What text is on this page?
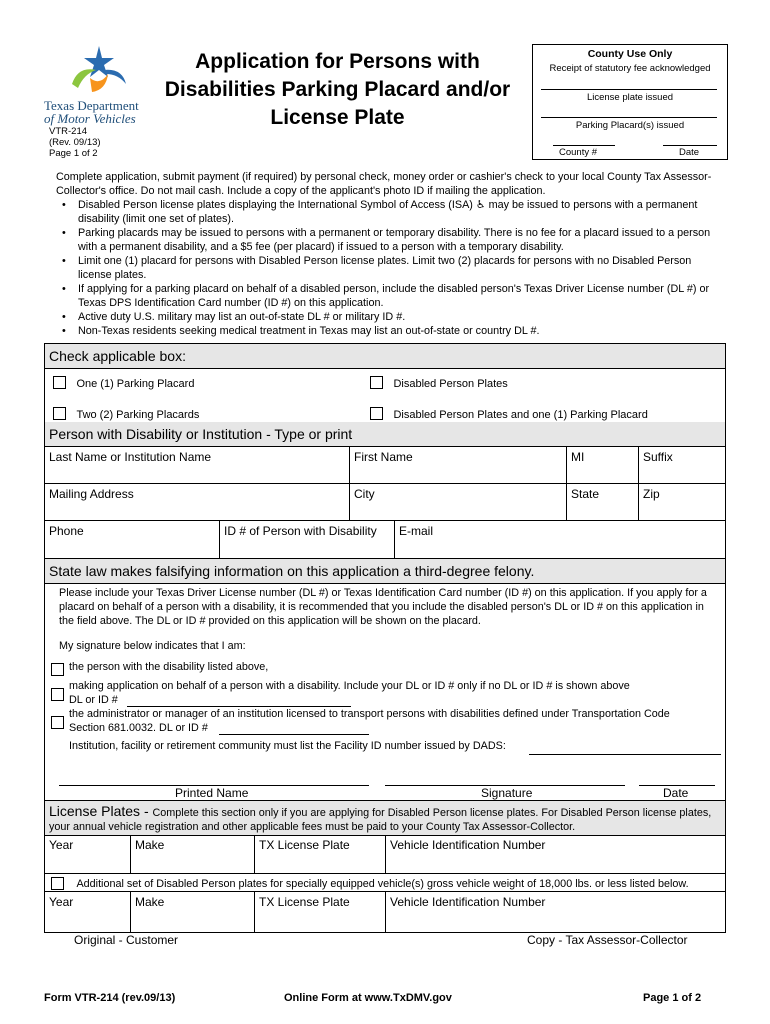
Texas Department
of Motor Vehicles
VTR-214
(Rev. 09/13)
Page 1 of 2
Application for Persons with
Disabilities Parking Placard and/or
License Plate
County Use Only
Receipt of statutory fee acknowledged
License plate issued
Parking Placard(s) issued
County #	Date
Complete application, submit payment (if required) by personal check, money order or cashier's check to your local County Tax Assessor-Collector's office. Do not mail cash. Include a copy of the applicant's photo ID if mailing the application.
• Disabled Person license plates displaying the International Symbol of Access (ISA) ♿ may be issued to persons with a permanent disability (limit one set of plates).
• Parking placards may be issued to persons with a permanent or temporary disability. There is no fee for a placard issued to a person with a permanent disability, and a $5 fee (per placard) if issued to a person with a temporary disability.
• Limit one (1) placard for persons with Disabled Person license plates. Limit two (2) placards for persons with no Disabled Person license plates.
• If applying for a parking placard on behalf of a disabled person, include the disabled person's Texas Driver License number (DL #) or Texas DPS Identification Card number (ID #) on this application.
• Active duty U.S. military may list an out-of-state DL # or military ID #.
• Non-Texas residents seeking medical treatment in Texas may list an out-of-state or country DL #.
Check applicable box:
One (1) Parking Placard	Disabled Person Plates
Two (2) Parking Placards	Disabled Person Plates and one (1) Parking Placard
Person with Disability or Institution - Type or print
Last Name or Institution Name	First Name	MI	Suffix
Mailing Address	City	State	Zip
Phone	ID # of Person with Disability	E-mail
State law makes falsifying information on this application a third-degree felony.
Please include your Texas Driver License number (DL #) or Texas Identification Card number (ID #) on this application. If you apply for a placard on behalf of a person with a disability, it is recommended that you include the disabled person's DL or ID # on this application in the field above. The DL or ID # provided on this application will be shown on the placard.
My signature below indicates that I am:
the person with the disability listed above,
making application on behalf of a person with a disability. Include your DL or ID # only if no DL or ID # is shown above
DL or ID #
the administrator or manager of an institution licensed to transport persons with disabilities defined under Transportation Code
Section 681.0032. DL or ID #
Institution, facility or retirement community must list the Facility ID number issued by DADS:
Printed Name	Signature	Date
License Plates - Complete this section only if you are applying for Disabled Person license plates. For Disabled Person license plates, your annual vehicle registration and other applicable fees must be paid to your County Tax Assessor-Collector.
Year	Make	TX License Plate	Vehicle Identification Number
Additional set of Disabled Person plates for specially equipped vehicle(s) gross vehicle weight of 18,000 lbs. or less listed below.
Year	Make	TX License Plate	Vehicle Identification Number
Original - Customer	Copy - Tax Assessor-Collector
Form VTR-214 (rev.09/13)	Online Form at www.TxDMV.gov	Page 1 of 2
